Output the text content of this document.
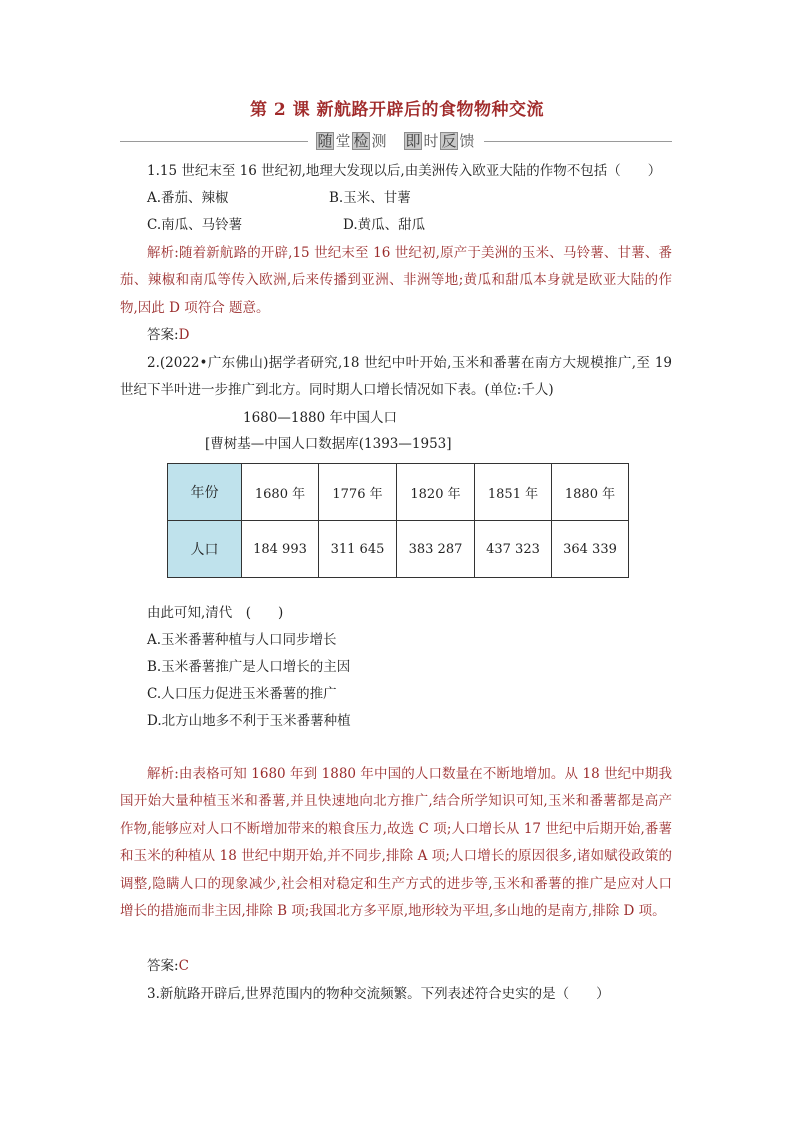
第 2 课 新航路开辟后的食物物种交流
随 堂 检 测 即 时 反 馈
1.15 世纪末至 16 世纪初,地理大发现以后,由美洲传入欧亚大陆的作物不包括（　　）
A.番茄、辣椒	B.玉米、甘薯
C.南瓜、马铃薯	D.黄瓜、甜瓜
解析:随着新航路的开辟,15 世纪末至 16 世纪初,原产于美洲的玉米、马铃薯、甘薯、番茄、辣椒和南瓜等传入欧洲,后来传播到亚洲、非洲等地;黄瓜和甜瓜本身就是欧亚大陆的作物,因此 D 项符合 题意。
答案:D
2.(2022•广东佛山)据学者研究,18 世纪中叶开始,玉米和番薯在南方大规模推广,至 19 世纪下半叶进一步推广到北方。同时期人口增长情况如下表。(单位:千人)
1680—1880 年中国人口
[曹树基—中国人口数据库(1393—1953]
年份	1680 年	1776 年	1820 年	1851 年	1880 年
人口	184 993	311 645	383 287	437 323	364 339
由此可知,清代　(　　)
A.玉米番薯种植与人口同步增长
B.玉米番薯推广是人口增长的主因
C.人口压力促进玉米番薯的推广
D.北方山地多不利于玉米番薯种植
解析:由表格可知 1680 年到 1880 年中国的人口数量在不断地增加。从 18 世纪中期我国开始大量种植玉米和番薯,并且快速地向北方推广,结合所学知识可知,玉米和番薯都是高产作物,能够应对人口不断增加带来的粮食压力,故选 C 项;人口增长从 17 世纪中后期开始,番薯和玉米的种植从 18 世纪中期开始,并不同步,排除 A 项;人口增长的原因很多,诸如赋役政策的调整,隐瞒人口的现象减少,社会相对稳定和生产方式的进步等,玉米和番薯的推广是应对人口增长的措施而非主因,排除 B 项;我国北方多平原,地形较为平坦,多山地的是南方,排除 D 项。
答案:C
3.新航路开辟后,世界范围内的物种交流频繁。下列表述符合史实的是（　　）
